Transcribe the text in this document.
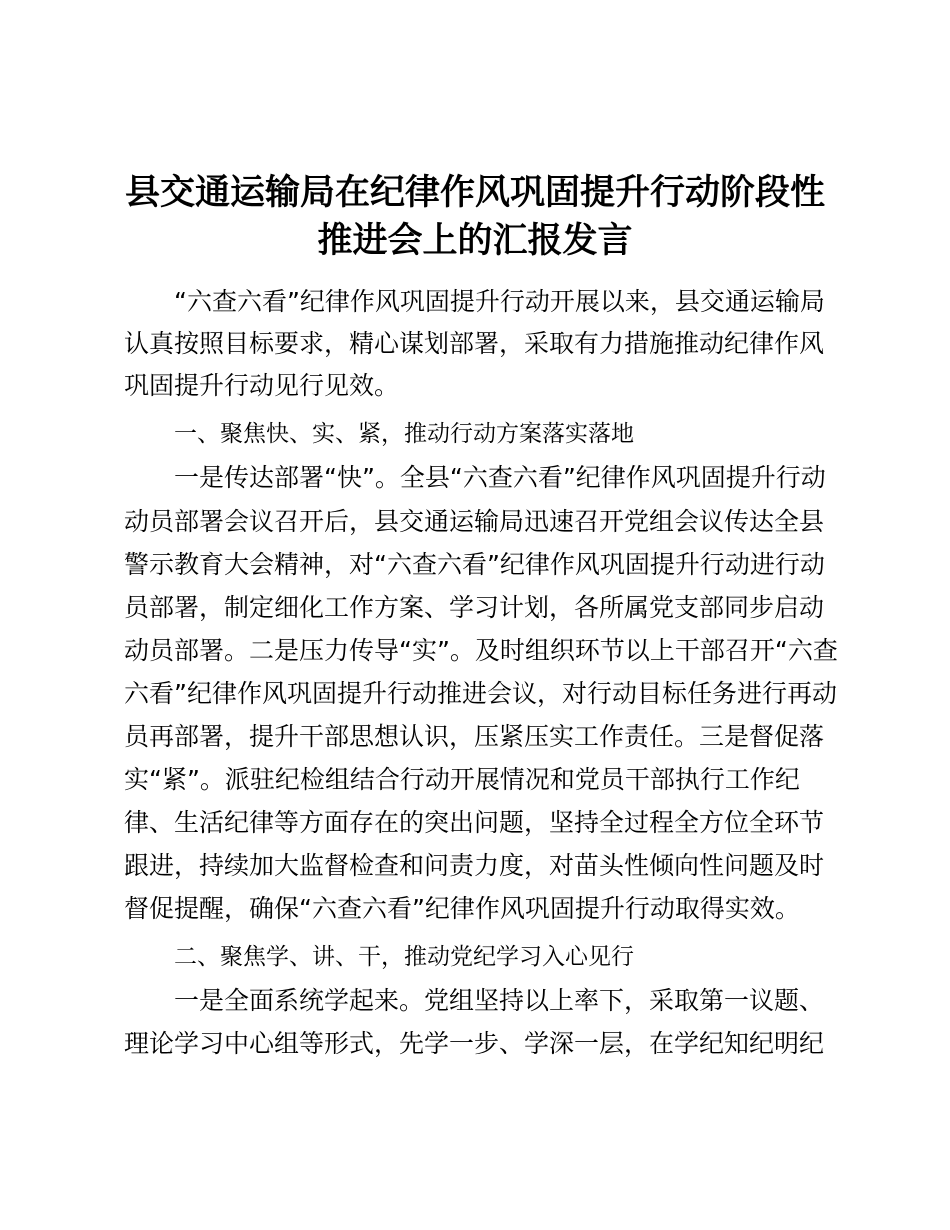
县交通运输局在纪律作风巩固提升行动阶段性
推进会上的汇报发言
“六查六看”纪律作风巩固提升行动开展以来，县交通运输局
认真按照目标要求，精心谋划部署，采取有力措施推动纪律作风
巩固提升行动见行见效。
一、聚焦快、实、紧，推动行动方案落实落地
一是传达部署“快”。全县“六查六看”纪律作风巩固提升行动
动员部署会议召开后，县交通运输局迅速召开党组会议传达全县
警示教育大会精神，对“六查六看”纪律作风巩固提升行动进行动
员部署，制定细化工作方案、学习计划，各所属党支部同步启动
动员部署。二是压力传导“实”。及时组织环节以上干部召开“六查
六看”纪律作风巩固提升行动推进会议，对行动目标任务进行再动
员再部署，提升干部思想认识，压紧压实工作责任。三是督促落
实“紧”。派驻纪检组结合行动开展情况和党员干部执行工作纪
律、生活纪律等方面存在的突出问题，坚持全过程全方位全环节
跟进，持续加大监督检查和问责力度，对苗头性倾向性问题及时
督促提醒，确保“六查六看”纪律作风巩固提升行动取得实效。
二、聚焦学、讲、干，推动党纪学习入心见行
一是全面系统学起来。党组坚持以上率下，采取第一议题、
理论学习中心组等形式，先学一步、学深一层，在学纪知纪明纪
